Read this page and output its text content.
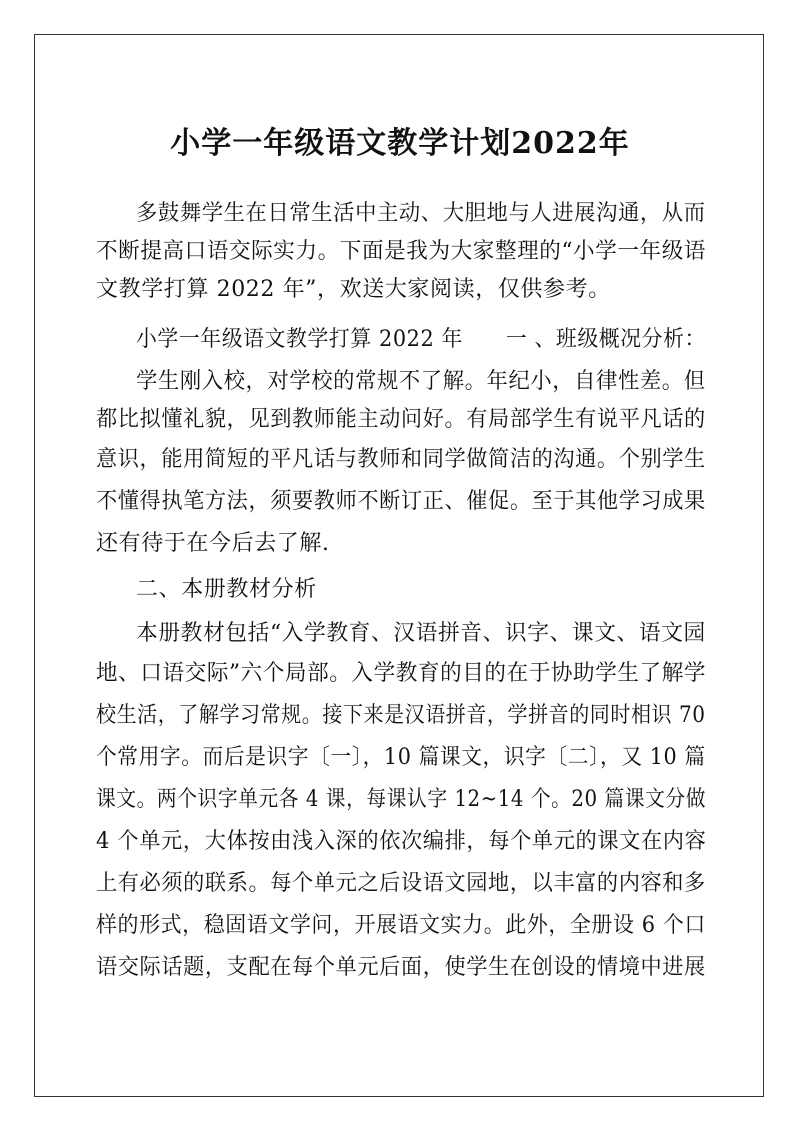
小学一年级语文教学计划2022年
多鼓舞学生在日常生活中主动、大胆地与人进展沟通，从而
不断提高口语交际实力。下面是我为大家整理的“小学一年级语
文教学打算 2022 年”，欢送大家阅读，仅供参考。
小学一年级语文教学打算 2022 年　　一 、班级概况分析：
学生刚入校，对学校的常规不了解。年纪小，自律性差。但
都比拟懂礼貌，见到教师能主动问好。有局部学生有说平凡话的
意识，能用简短的平凡话与教师和同学做简洁的沟通。个别学生
不懂得执笔方法，须要教师不断订正、催促。至于其他学习成果
还有待于在今后去了解.
二、本册教材分析
本册教材包括“入学教育、汉语拼音、识字、课文、语文园
地、口语交际”六个局部。入学教育的目的在于协助学生了解学
校生活，了解学习常规。接下来是汉语拼音，学拼音的同时相识 70
个常用字。而后是识字〔一〕，10 篇课文，识字〔二〕，又 10 篇
课文。两个识字单元各 4 课，每课认字 12~14 个。20 篇课文分做
4 个单元，大体按由浅入深的依次编排，每个单元的课文在内容
上有必须的联系。每个单元之后设语文园地，以丰富的内容和多
样的形式，稳固语文学问，开展语文实力。此外，全册设 6 个口
语交际话题，支配在每个单元后面，使学生在创设的情境中进展
